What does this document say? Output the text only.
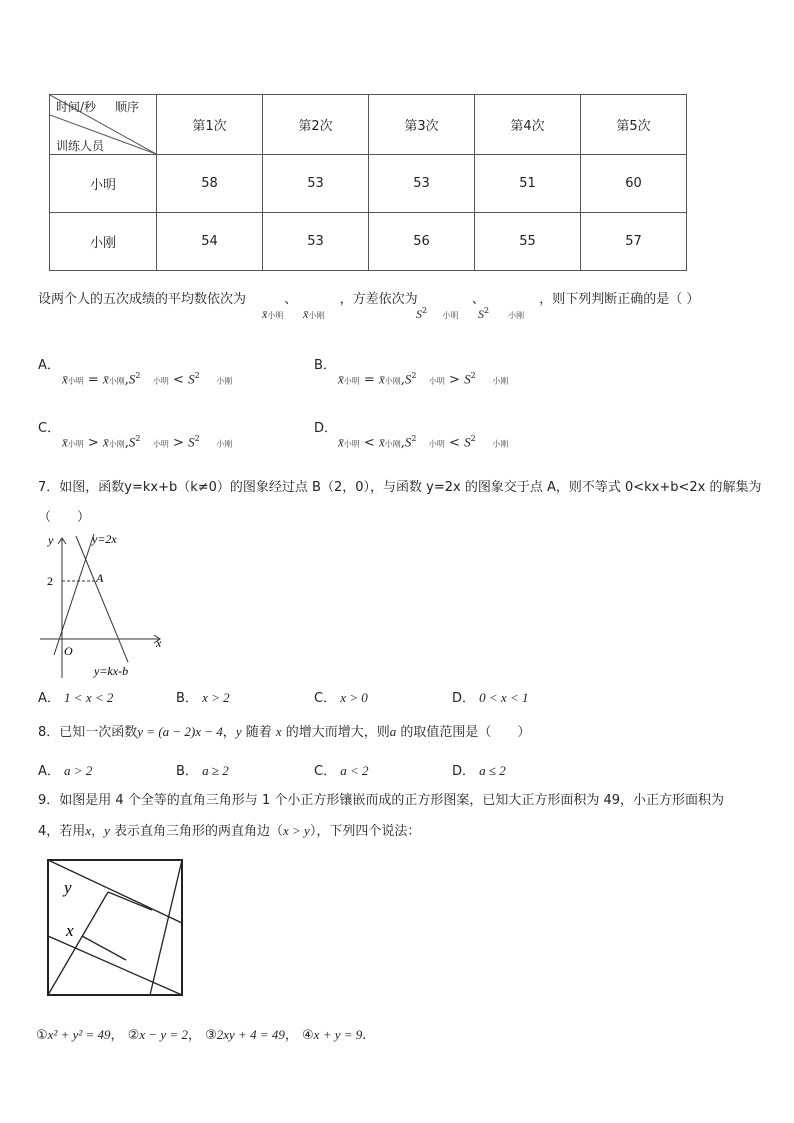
时间/秒 顺序
训练人员	第1次	第2次	第3次	第4次	第5次
小明	58	53	53	51	60
小刚	54	53	56	55	57
设两个人的五次成绩的平均数依次为	、	，方差依次为	、	，则下列判断正确的是（ ）
x̄小明 x̄小刚	$S^2$    小明 $S^2$     小刚
A．
x̄小明 = x̄小刚$,S^2$   小明 < $S^2$    小刚
B．
x̄小明 = x̄小刚$,S^2$   小明 > $S^2$    小刚
C．
x̄小明 > x̄小刚$,S^2$   小明 > $S^2$    小刚
D．
x̄小明 < x̄小刚$,S^2$   小明 < $S^2$    小刚
7．如图，函数y=kx+b（k≠0）的图象经过点 B（2，0），与函数 y=2x 的图象交于点 A，则不等式 0<kx+b<2x 的解集为
（　　）
y
x
O
2	A
y=2x
y=kx-b
A． 1 < x < 2	B． x > 2	C． x > 0	D． 0 < x < 1
8．已知一次函数y = (a − 2)x − 4，y 随着 x 的增大而增大，则a 的取值范围是（　　）
A． a > 2	B． a ≥ 2	C． a < 2	D． a ≤ 2
9．如图是用 4 个全等的直角三角形与 1 个小正方形镶嵌而成的正方形图案，已知大正方形面积为 49，小正方形面积为
4，若用x，y 表示直角三角形的两直角边（x > y），下列四个说法：
y
x
①x² + y² = 49， ②x − y = 2， ③2xy + 4 = 49， ④x + y = 9.
